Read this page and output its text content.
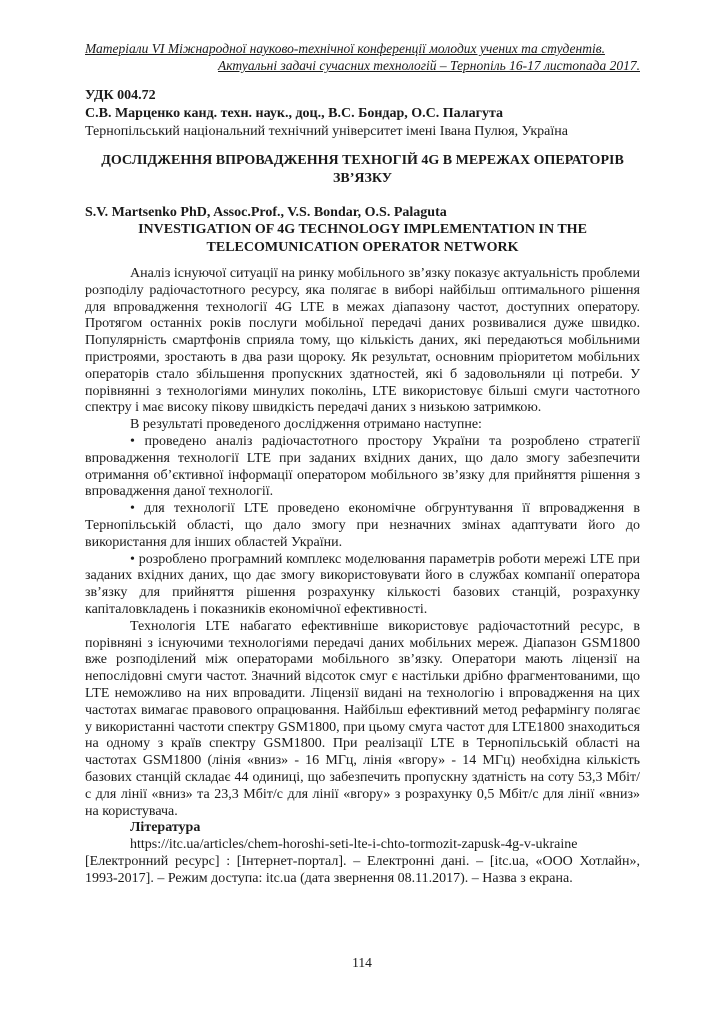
Матеріали VI Міжнародної науково-технічної конференції молодих учених та студентів.
Актуальні задачі сучасних технологій – Тернопіль 16-17 листопада 2017.
УДК 004.72
С.В. Марценко канд. техн. наук., доц., В.С. Бондар, О.С. Палагута
Тернопільський національний технічний університет імені Івана Пулюя, Україна
ДОСЛІДЖЕННЯ ВПРОВАДЖЕННЯ ТЕХНОГІЙ 4G В МЕРЕЖАХ ОПЕРАТОРІВ ЗВ’ЯЗКУ
S.V. Martsenko PhD, Assoc.Prof., V.S. Bondar, O.S. Palaguta
INVESTIGATION OF 4G TECHNOLOGY IMPLEMENTATION IN THE TELECOMUNICATION OPERATOR NETWORK

Аналіз існуючої ситуації на ринку мобільного зв’язку показує актуальність проблеми розподілу радіочастотного ресурсу, яка полягає в виборі найбільш оптимального рішення для впровадження технології 4G LTE в межах діапазону частот, доступних оператору. Протягом останніх років послуги мобільної передачі даних розвивалися дуже швидко. Популярність смартфонів сприяла тому, що кількість даних, які передаються мобільними пристроями, зростають в два рази щороку. Як результат, основним пріоритетом мобільних операторів стало збільшення пропускних здатностей, які б задовольняли ці потреби. У порівнянні з технологіями минулих поколінь, LTE використовує більші смуги частотного спектру і має високу пікову швидкість передачі даних з низькою затримкою.

В результаті проведеного дослідження отримано наступне:

• проведено аналіз радіочастотного простору України та розроблено стратегії впровадження технології LTE при заданих вхідних даних, що дало змогу забезпечити отримання об’єктивної інформації оператором мобільного зв’язку для прийняття рішення з впровадження даної технології.

• для технології LTE проведено економічне обгрунтування її впровадження в Тернопільській області, що дало змогу при незначних змінах адаптувати його до використання для інших областей України.

• розроблено програмний комплекс моделювання параметрів роботи мережі LTE при заданих вхідних даних, що дає змогу використовувати його в службах компанії оператора зв’язку для прийняття рішення розрахунку кількості базових станцій, розрахунку капіталовкладень і показників економічної ефективності.

Технологія LTE набагато ефективніше використовує радіочастотний ресурс, в порівняні з існуючими технологіями передачі даних мобільних мереж. Діапазон GSM1800 вже розподілений між операторами мобільного зв’язку. Оператори мають ліцензії на непослідовні смуги частот. Значний відсоток смуг є настільки дрібно фрагментованими, що LTE неможливо на них впровадити. Ліцензії видані на технологію і впровадження на цих частотах вимагає правового опрацювання. Найбільш ефективний метод рефармінгу полягає у використанні частоти спектру GSM1800, при цьому смуга частот для LTE1800 знаходиться на одному з країв спектру GSM1800. При реалізації LTE в Тернопільській області на частотах GSM1800 (лінія «вниз» - 16 МГц, лінія «вгору» - 14 МГц) необхідна кількість базових станцій складає 44 одиниці, що забезпечить пропускну здатність на соту 53,3 Мбіт/с для лінії «вниз» та 23,3 Мбіт/с для лінії «вгору» з розрахунку 0,5 Мбіт/с для лінії «вниз» на користувача.

Література

https://itc.ua/articles/chem-horoshi-seti-lte-i-chto-tormozit-zapusk-4g-v-ukraine
[Електронний ресурс] : [Інтернет-портал]. – Електронні дані. – [itc.ua, «ООО Хотлайн», 1993-2017]. – Режим доступа: itc.ua (дата звернення 08.11.2017). – Назва з екрана.
114
